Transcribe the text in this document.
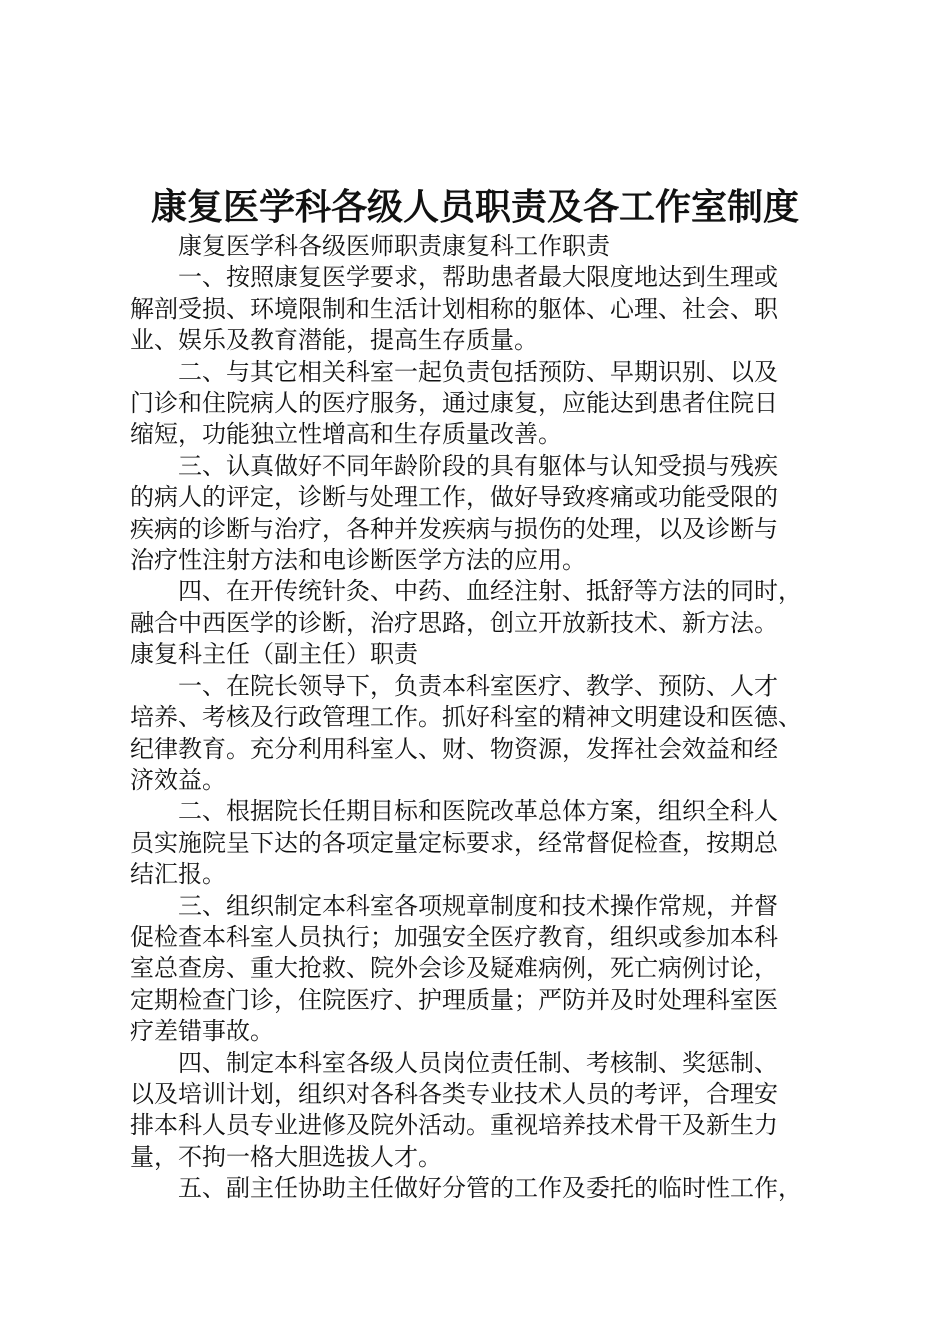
康复医学科各级人员职责及各工作室制度
康复医学科各级医师职责康复科工作职责
一、按照康复医学要求，帮助患者最大限度地达到生理或
解剖受损、环境限制和生活计划相称的躯体、心理、社会、职
业、娱乐及教育潜能，提高生存质量。
二、与其它相关科室一起负责包括预防、早期识别、以及
门诊和住院病人的医疗服务，通过康复，应能达到患者住院日
缩短，功能独立性增高和生存质量改善。
三、认真做好不同年龄阶段的具有躯体与认知受损与残疾
的病人的评定，诊断与处理工作，做好导致疼痛或功能受限的
疾病的诊断与治疗，各种并发疾病与损伤的处理，以及诊断与
治疗性注射方法和电诊断医学方法的应用。
四、在开传统针灸、中药、血经注射、抵舒等方法的同时，
融合中西医学的诊断，治疗思路，创立开放新技术、新方法。
康复科主任（副主任）职责
一、在院长领导下，负责本科室医疗、教学、预防、人才
培养、考核及行政管理工作。抓好科室的精神文明建设和医德、
纪律教育。充分利用科室人、财、物资源，发挥社会效益和经
济效益。
二、根据院长任期目标和医院改革总体方案，组织全科人
员实施院呈下达的各项定量定标要求，经常督促检查，按期总
结汇报。
三、组织制定本科室各项规章制度和技术操作常规，并督
促检查本科室人员执行；加强安全医疗教育，组织或参加本科
室总查房、重大抢救、院外会诊及疑难病例，死亡病例讨论，
定期检查门诊，住院医疗、护理质量；严防并及时处理科室医
疗差错事故。
四、制定本科室各级人员岗位责任制、考核制、奖惩制、
以及培训计划，组织对各科各类专业技术人员的考评，合理安
排本科人员专业进修及院外活动。重视培养技术骨干及新生力
量，不拘一格大胆选拔人才。
五、副主任协助主任做好分管的工作及委托的临时性工作，
